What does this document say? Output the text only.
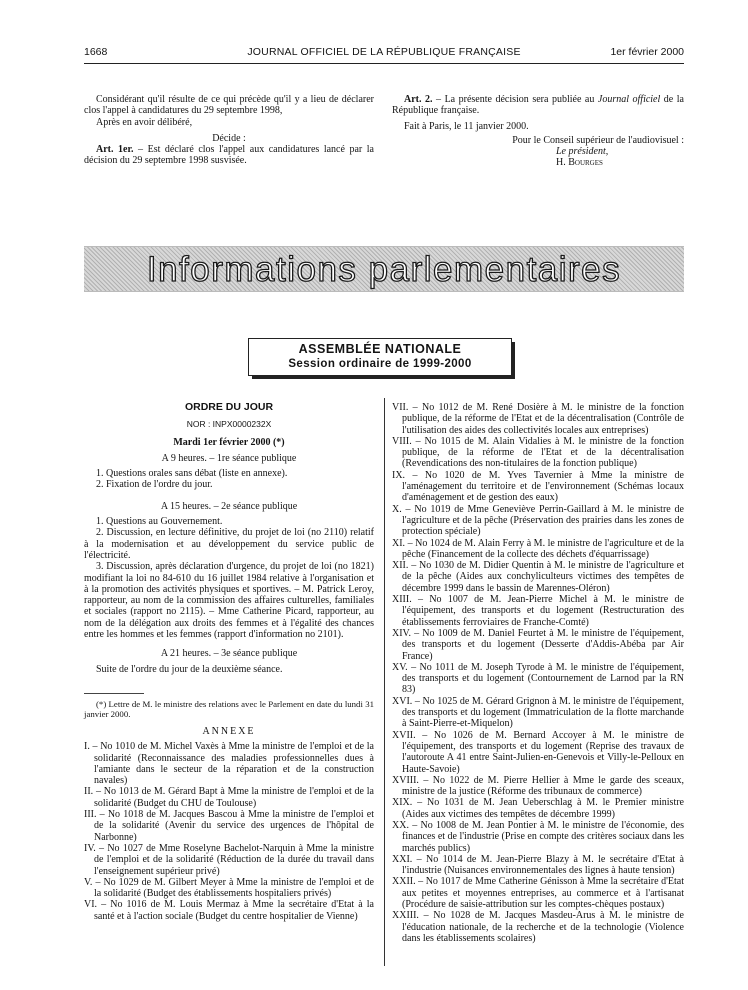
1668	JOURNAL OFFICIEL DE LA RÉPUBLIQUE FRANÇAISE	1er février 2000

Considérant qu'il résulte de ce qui précède qu'il y a lieu de déclarer clos l'appel à candidatures du 29 septembre 1998,

Après en avoir délibéré,

Décide :

Art. 1er. – Est déclaré clos l'appel aux candidatures lancé par la décision du 29 septembre 1998 susvisée.

Art. 2. – La présente décision sera publiée au Journal officiel de la République française.

Fait à Paris, le 11 janvier 2000.

Pour le Conseil supérieur de l'audiovisuel :

Le président,

H. Bourges

Informations parlementaires
ASSEMBLÉE NATIONALE
Session ordinaire de 1999-2000

ORDRE DU JOUR

NOR : INPX0000232X

Mardi 1er février 2000 (*)

A 9 heures. – 1re séance publique

1. Questions orales sans débat (liste en annexe).

2. Fixation de l'ordre du jour.

A 15 heures. – 2e séance publique

1. Questions au Gouvernement.

2. Discussion, en lecture définitive, du projet de loi (no 2110) relatif à la modernisation et au développement du service public de l'électricité.

3. Discussion, après déclaration d'urgence, du projet de loi (no 1821) modifiant la loi no 84-610 du 16 juillet 1984 relative à l'organisation et à la promotion des activités physiques et sportives. – M. Patrick Leroy, rapporteur, au nom de la commission des affaires culturelles, familiales et sociales (rapport no 2115). – Mme Catherine Picard, rapporteur, au nom de la délégation aux droits des femmes et à l'égalité des chances entre les hommes et les femmes (rapport d'information no 2101).

A 21 heures. – 3e séance publique

Suite de l'ordre du jour de la deuxième séance.

(*) Lettre de M. le ministre des relations avec le Parlement en date du lundi 31 janvier 2000.

ANNEXE

I. – No 1010 de M. Michel Vaxès à Mme la ministre de l'emploi et de la solidarité (Reconnaissance des maladies professionnelles dues à l'amiante dans le secteur de la réparation et de la construction navales)

II. – No 1013 de M. Gérard Bapt à Mme la ministre de l'emploi et de la solidarité (Budget du CHU de Toulouse)

III. – No 1018 de M. Jacques Bascou à Mme la ministre de l'emploi et de la solidarité (Avenir du service des urgences de l'hôpital de Narbonne)

IV. – No 1027 de Mme Roselyne Bachelot-Narquin à Mme la ministre de l'emploi et de la solidarité (Réduction de la durée du travail dans l'enseignement supérieur privé)

V. – No 1029 de M. Gilbert Meyer à Mme la ministre de l'emploi et de la solidarité (Budget des établissements hospitaliers privés)

VI. – No 1016 de M. Louis Mermaz à Mme la secrétaire d'Etat à la santé et à l'action sociale (Budget du centre hospitalier de Vienne)

VII. – No 1012 de M. René Dosière à M. le ministre de la fonction publique, de la réforme de l'Etat et de la décentralisation (Contrôle de l'utilisation des aides des collectivités locales aux entreprises)

VIII. – No 1015 de M. Alain Vidalies à M. le ministre de la fonction publique, de la réforme de l'Etat et de la décentralisation (Revendications des non-titulaires de la fonction publique)

IX. – No 1020 de M. Yves Tavernier à Mme la ministre de l'aménagement du territoire et de l'environnement (Schémas locaux d'aménagement et de gestion des eaux)

X. – No 1019 de Mme Geneviève Perrin-Gaillard à M. le ministre de l'agriculture et de la pêche (Préservation des prairies dans les zones de protection spéciale)

XI. – No 1024 de M. Alain Ferry à M. le ministre de l'agriculture et de la pêche (Financement de la collecte des déchets d'équarrissage)

XII. – No 1030 de M. Didier Quentin à M. le ministre de l'agriculture et de la pêche (Aides aux conchyliculteurs victimes des tempêtes de décembre 1999 dans le bassin de Marennes-Oléron)

XIII. – No 1007 de M. Jean-Pierre Michel à M. le ministre de l'équipement, des transports et du logement (Restructuration des établissements ferroviaires de Franche-Comté)

XIV. – No 1009 de M. Daniel Feurtet à M. le ministre de l'équipement, des transports et du logement (Desserte d'Addis-Abéba par Air France)

XV. – No 1011 de M. Joseph Tyrode à M. le ministre de l'équipement, des transports et du logement (Contournement de Larnod par la RN 83)

XVI. – No 1025 de M. Gérard Grignon à M. le ministre de l'équipement, des transports et du logement (Immatriculation de la flotte marchande à Saint-Pierre-et-Miquelon)

XVII. – No 1026 de M. Bernard Accoyer à M. le ministre de l'équipement, des transports et du logement (Reprise des travaux de l'autoroute A 41 entre Saint-Julien-en-Genevois et Villy-le-Pelloux en Haute-Savoie)

XVIII. – No 1022 de M. Pierre Hellier à Mme le garde des sceaux, ministre de la justice (Réforme des tribunaux de commerce)

XIX. – No 1031 de M. Jean Ueberschlag à M. le Premier ministre (Aides aux victimes des tempêtes de décembre 1999)

XX. – No 1008 de M. Jean Pontier à M. le ministre de l'économie, des finances et de l'industrie (Prise en compte des critères sociaux dans les marchés publics)

XXI. – No 1014 de M. Jean-Pierre Blazy à M. le secrétaire d'Etat à l'industrie (Nuisances environnementales des lignes à haute tension)

XXII. – No 1017 de Mme Catherine Génisson à Mme la secrétaire d'Etat aux petites et moyennes entreprises, au commerce et à l'artisanat (Procédure de saisie-attribution sur les comptes-chèques postaux)

XXIII. – No 1028 de M. Jacques Masdeu-Arus à M. le ministre de l'éducation nationale, de la recherche et de la technologie (Violence dans les établissements scolaires)
